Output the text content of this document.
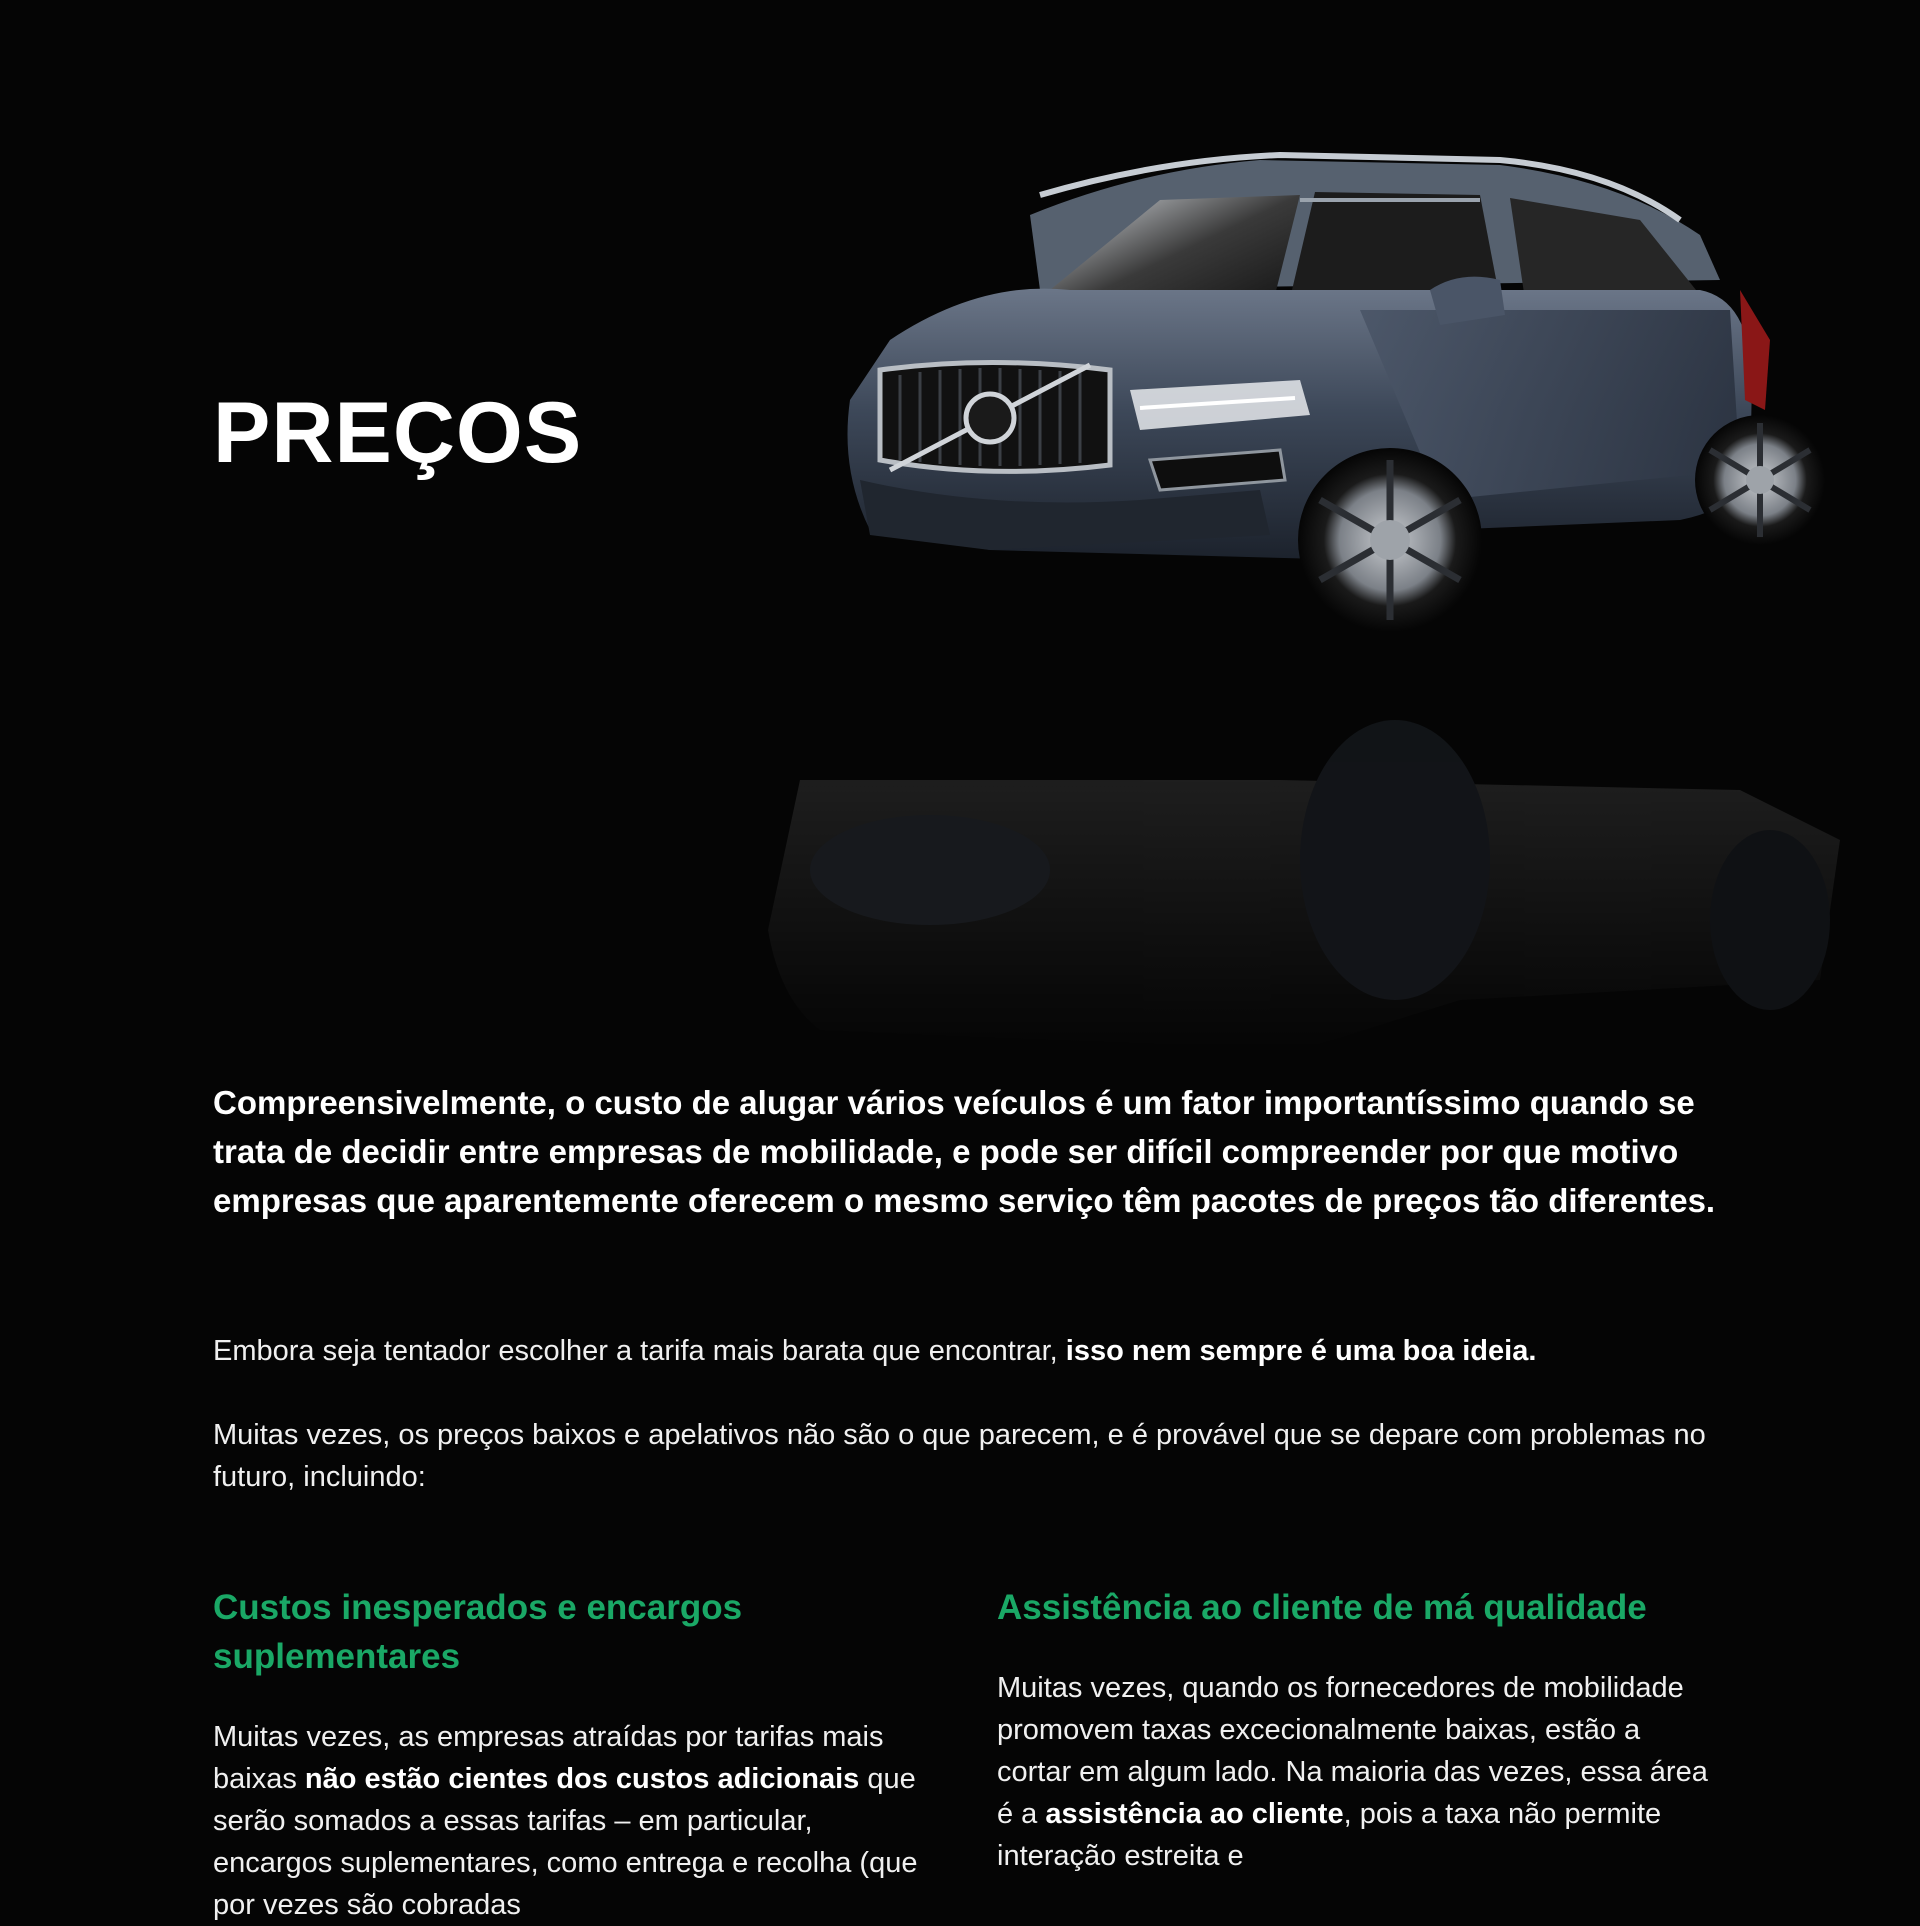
PREÇOS

Compreensivelmente, o custo de alugar vários veículos é um fator importantíssimo quando se trata de decidir entre empresas de mobilidade, e pode ser difícil compreender por que motivo empresas que aparentemente oferecem o mesmo serviço têm pacotes de preços tão diferentes.

Embora seja tentador escolher a tarifa mais barata que encontrar, isso nem sempre é uma boa ideia.

Muitas vezes, os preços baixos e apelativos não são o que parecem, e é provável que se depare com problemas no futuro, incluindo:

Custos inesperados e encargos suplementares

Muitas vezes, as empresas atraídas por tarifas mais baixas não estão cientes dos custos adicionais que serão somados a essas tarifas – em particular, encargos suplementares, como entrega e recolha (que por vezes são cobradas

Assistência ao cliente de má qualidade

Muitas vezes, quando os fornecedores de mobilidade promovem taxas excecionalmente baixas, estão a cortar em algum lado. Na maioria das vezes, essa área é a assistência ao cliente, pois a taxa não permite interação estreita e
